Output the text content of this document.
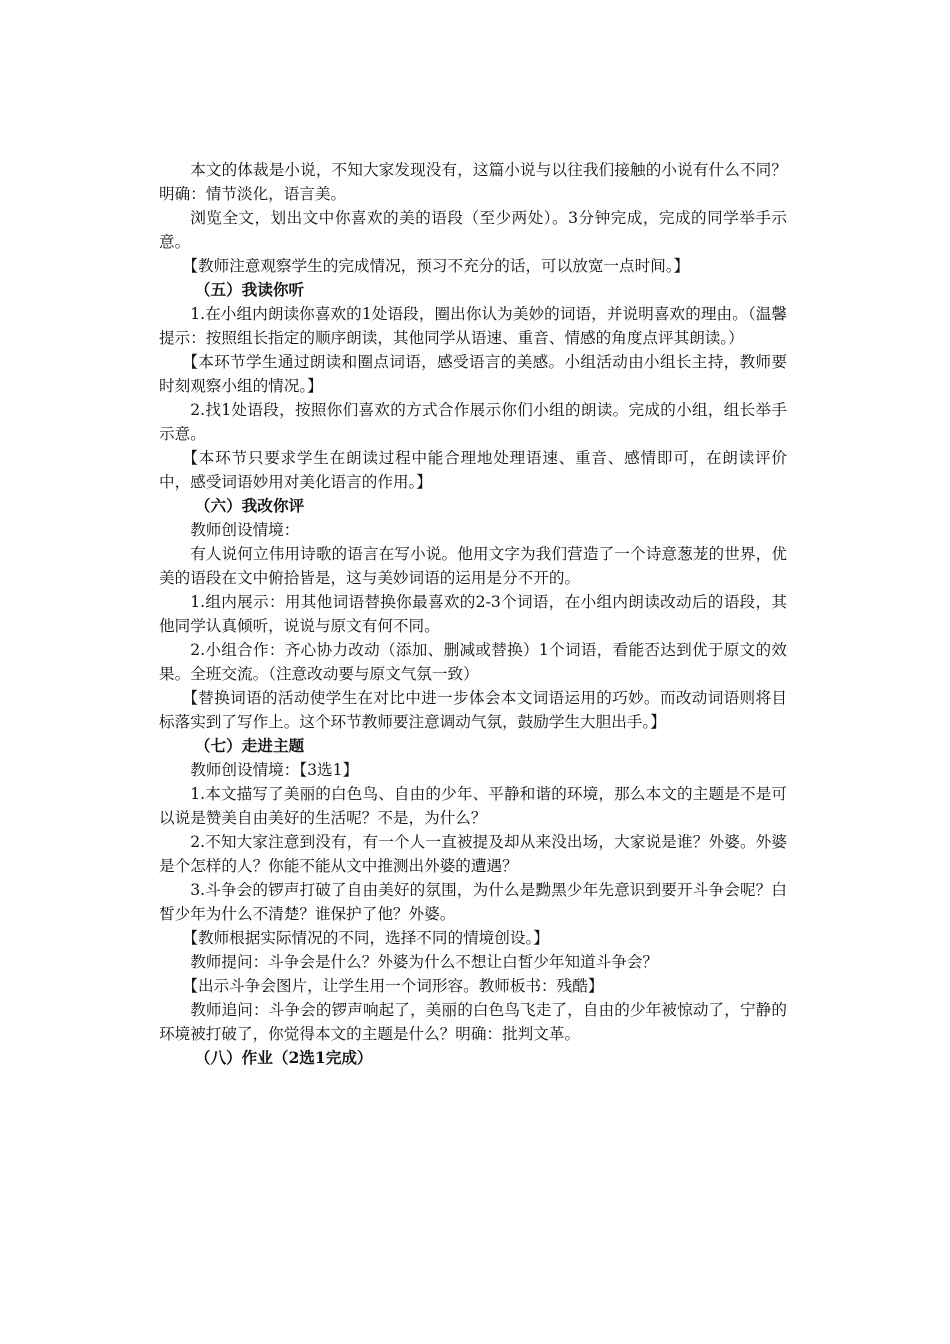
本文的体裁是小说，不知大家发现没有，这篇小说与以往我们接触的小说有什么不同？明确：情节淡化，语言美。

浏览全文，划出文中你喜欢的美的语段（至少两处）。3分钟完成，完成的同学举手示意。

【教师注意观察学生的完成情况，预习不充分的话，可以放宽一点时间。】

（五）我读你听

1.在小组内朗读你喜欢的1处语段，圈出你认为美妙的词语，并说明喜欢的理由。（温馨提示：按照组长指定的顺序朗读，其他同学从语速、重音、情感的角度点评其朗读。）

【本环节学生通过朗读和圈点词语，感受语言的美感。小组活动由小组长主持，教师要时刻观察小组的情况。】

2.找1处语段，按照你们喜欢的方式合作展示你们小组的朗读。完成的小组，组长举手示意。

【本环节只要求学生在朗读过程中能合理地处理语速、重音、感情即可，在朗读评价中，感受词语妙用对美化语言的作用。】

（六）我改你评

教师创设情境：

有人说何立伟用诗歌的语言在写小说。他用文字为我们营造了一个诗意葱茏的世界，优美的语段在文中俯拾皆是，这与美妙词语的运用是分不开的。

1.组内展示：用其他词语替换你最喜欢的2-3个词语，在小组内朗读改动后的语段，其他同学认真倾听，说说与原文有何不同。

2.小组合作：齐心协力改动（添加、删减或替换）1个词语，看能否达到优于原文的效果。全班交流。（注意改动要与原文气氛一致）

【替换词语的活动使学生在对比中进一步体会本文词语运用的巧妙。而改动词语则将目标落实到了写作上。这个环节教师要注意调动气氛，鼓励学生大胆出手。】

（七）走进主题

教师创设情境：【3选1】

1.本文描写了美丽的白色鸟、自由的少年、平静和谐的环境，那么本文的主题是不是可以说是赞美自由美好的生活呢？不是，为什么？

2.不知大家注意到没有，有一个人一直被提及却从来没出场，大家说是谁？外婆。外婆是个怎样的人？你能不能从文中推测出外婆的遭遇？

3.斗争会的锣声打破了自由美好的氛围，为什么是黝黑少年先意识到要开斗争会呢？白皙少年为什么不清楚？谁保护了他？外婆。

【教师根据实际情况的不同，选择不同的情境创设。】

教师提问：斗争会是什么？外婆为什么不想让白皙少年知道斗争会？

【出示斗争会图片，让学生用一个词形容。教师板书：残酷】

教师追问：斗争会的锣声响起了，美丽的白色鸟飞走了，自由的少年被惊动了，宁静的环境被打破了，你觉得本文的主题是什么？明确：批判文革。

（八）作业（2选1完成）
